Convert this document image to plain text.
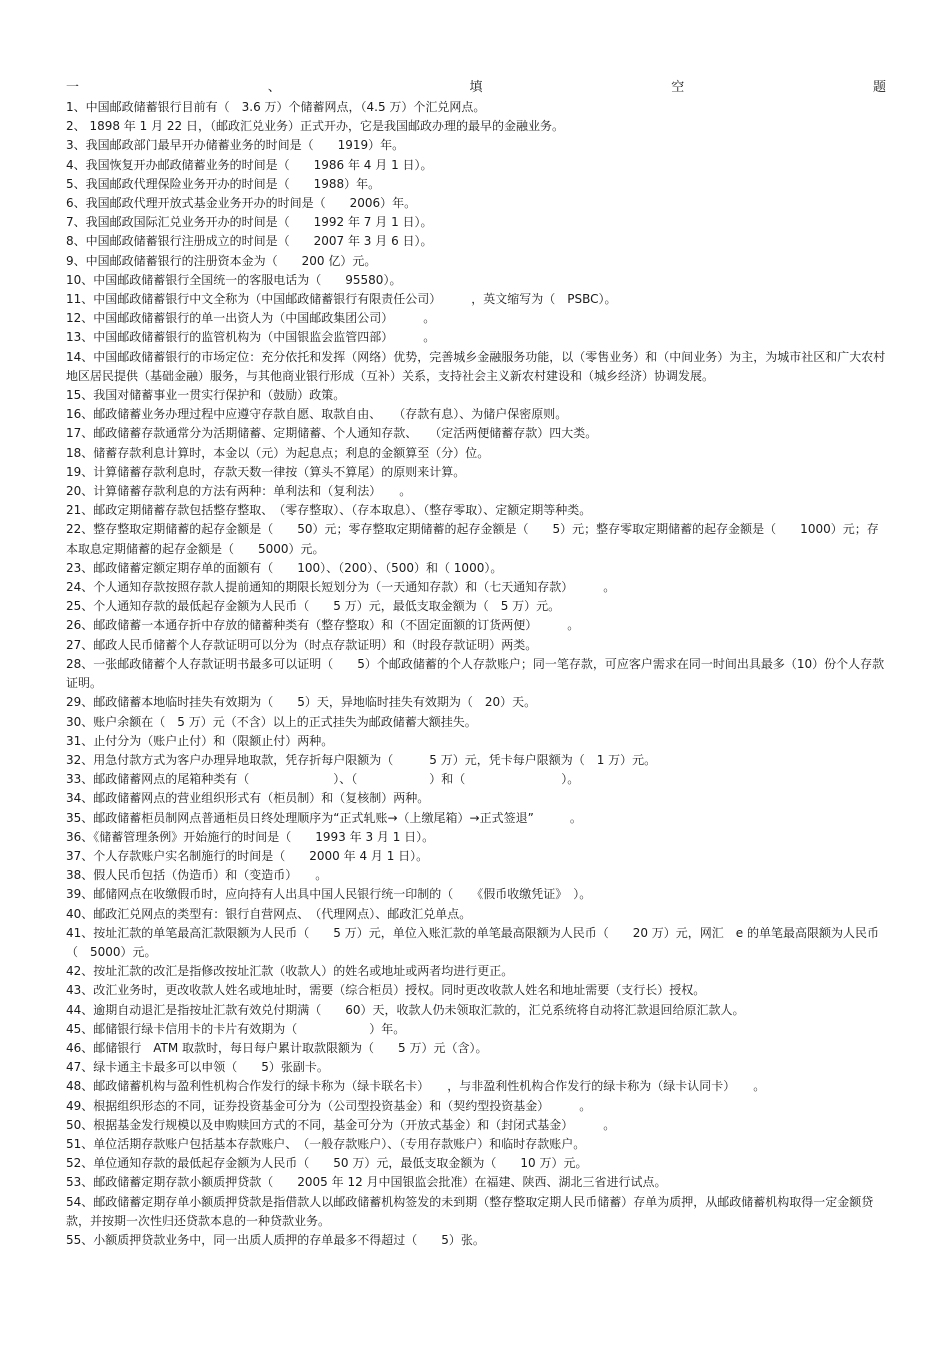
一	、	填	空	题

1、中国邮政储蓄银行目前有（　3.6 万）个储蓄网点，（4.5 万）个汇兑网点。

2、 1898 年 1 月 22 日，（邮政汇兑业务）正式开办，它是我国邮政办理的最早的金融业务。

3、我国邮政部门最早开办储蓄业务的时间是（　　1919）年。

4、我国恢复开办邮政储蓄业务的时间是（　　1986 年 4 月 1 日）。

5、我国邮政代理保险业务开办的时间是（　　1988）年。

6、我国邮政代理开放式基金业务开办的时间是（　　2006）年。

7、我国邮政国际汇兑业务开办的时间是（　　1992 年 7 月 1 日）。

8、中国邮政储蓄银行注册成立的时间是（　　2007 年 3 月 6 日）。

9、中国邮政储蓄银行的注册资本金为（　　200 亿）元。

10、中国邮政储蓄银行全国统一的客服电话为（　　95580）。

11、中国邮政储蓄银行中文全称为（中国邮政储蓄银行有限责任公司）　　　，英文缩写为（　PSBC）。

12、中国邮政储蓄银行的单一出资人为（中国邮政集团公司）　　　。

13、中国邮政储蓄银行的监管机构为（中国银监会监管四部）　　　。

14、中国邮政储蓄银行的市场定位：充分依托和发挥（网络）优势，完善城乡金融服务功能，以（零售业务）和（中间业务）为主，为城市社区和广大农村地区居民提供（基础金融）服务，与其他商业银行形成（互补）关系，支持社会主义新农村建设和（城乡经济）协调发展。

15、我国对储蓄事业一贯实行保护和（鼓励）政策。

16、邮政储蓄业务办理过程中应遵守存款自愿、取款自由、　　（存款有息）、为储户保密原则。

17、邮政储蓄存款通常分为活期储蓄、定期储蓄、个人通知存款、　　（定活两便储蓄存款）四大类。

18、储蓄存款利息计算时，本金以（元）为起息点；利息的金额算至（分）位。

19、计算储蓄存款利息时，存款天数一律按（算头不算尾）的原则来计算。

20、计算储蓄存款利息的方法有两种：单利法和（复利法）　　。

21、邮政定期储蓄存款包括整存整取、　（零存整取）、（存本取息）、（整存零取）、定额定期等种类。

22、整存整取定期储蓄的起存金额是（　　50）元；零存整取定期储蓄的起存金额是（　　5）元；整存零取定期储蓄的起存金额是（　　1000）元；存本取息定期储蓄的起存金额是（　　5000）元。

23、邮政储蓄定额定期存单的面额有（　　100）、（200）、（500）和（ 1000）。

24、个人通知存款按照存款人提前通知的期限长短划分为（一天通知存款）和（七天通知存款）　　　。

25、个人通知存款的最低起存金额为人民币（　　5 万）元，最低支取金额为（　5 万）元。

26、邮政储蓄一本通存折中存放的储蓄种类有（整存整取）和（不固定面额的订货两便）　　　。

27、邮政人民币储蓄个人存款证明可以分为（时点存款证明）和（时段存款证明）两类。

28、一张邮政储蓄个人存款证明书最多可以证明（　　5）个邮政储蓄的个人存款账户；同一笔存款，可应客户需求在同一时间出具最多（10）份个人存款证明。

29、邮政储蓄本地临时挂失有效期为（　　5）天，异地临时挂失有效期为（　20）天。

30、账户余额在（　5 万）元（不含）以上的正式挂失为邮政储蓄大额挂失。

31、止付分为（账户止付）和（限额止付）两种。

32、用急付款方式为客户办理异地取款，凭存折每户限额为（　　　5 万）元，凭卡每户限额为（　1 万）元。

33、邮政储蓄网点的尾箱种类有（　　　　　　　）、（　　　　　　）和（　　　　　　　　）。

34、邮政储蓄网点的营业组织形式有（柜员制）和（复核制）两种。

35、邮政储蓄柜员制网点普通柜员日终处理顺序为“正式轧账→（上缴尾箱）→正式签退”　　　。

36、《储蓄管理条例》开始施行的时间是（　　1993 年 3 月 1 日）。

37、个人存款账户实名制施行的时间是（　　2000 年 4 月 1 日）。

38、假人民币包括（伪造币）和（变造币）　　。

39、邮储网点在收缴假币时，应向持有人出具中国人民银行统一印制的（　　《假币收缴凭证》　）。

40、邮政汇兑网点的类型有：银行自营网点、　（代理网点）、邮政汇兑单点。

41、按址汇款的单笔最高汇款限额为人民币（　　5 万）元，单位入账汇款的单笔最高限额为人民币（　　20 万）元，网汇　e 的单笔最高限额为人民币（　5000）元。

42、按址汇款的改汇是指修改按址汇款（收款人）的姓名或地址或两者均进行更正。

43、改汇业务时，更改收款人姓名或地址时，需要（综合柜员）授权。同时更改收款人姓名和地址需要（支行长）授权。

44、逾期自动退汇是指按址汇款有效兑付期满（　　60）天，收款人仍未领取汇款的，汇兑系统将自动将汇款退回给原汇款人。

45、邮储银行绿卡信用卡的卡片有效期为（　　　　　　）年。

46、邮储银行　ATM 取款时，每日每户累计取款限额为（　　5 万）元（含）。

47、绿卡通主卡最多可以申领（　　5）张副卡。

48、邮政储蓄机构与盈利性机构合作发行的绿卡称为（绿卡联名卡）　　，与非盈利性机构合作发行的绿卡称为（绿卡认同卡）　　。

49、根据组织形态的不同，证券投资基金可分为（公司型投资基金）和（契约型投资基金）　　　。

50、根据基金发行规模以及申购赎回方式的不同，基金可分为（开放式基金）和（封闭式基金）　　　。

51、单位活期存款账户包括基本存款账户、　（一般存款账户）、（专用存款账户）和临时存款账户。

52、单位通知存款的最低起存金额为人民币（　　50 万）元，最低支取金额为（　　10 万）元。

53、邮政储蓄定期存款小额质押贷款（　　2005 年 12 月中国银监会批准）在福建、陕西、湖北三省进行试点。

54、邮政储蓄定期存单小额质押贷款是指借款人以邮政储蓄机构签发的未到期（整存整取定期人民币储蓄）存单为质押，从邮政储蓄机构取得一定金额贷款，并按期一次性归还贷款本息的一种贷款业务。

55、小额质押贷款业务中，同一出质人质押的存单最多不得超过（　　5）张。
